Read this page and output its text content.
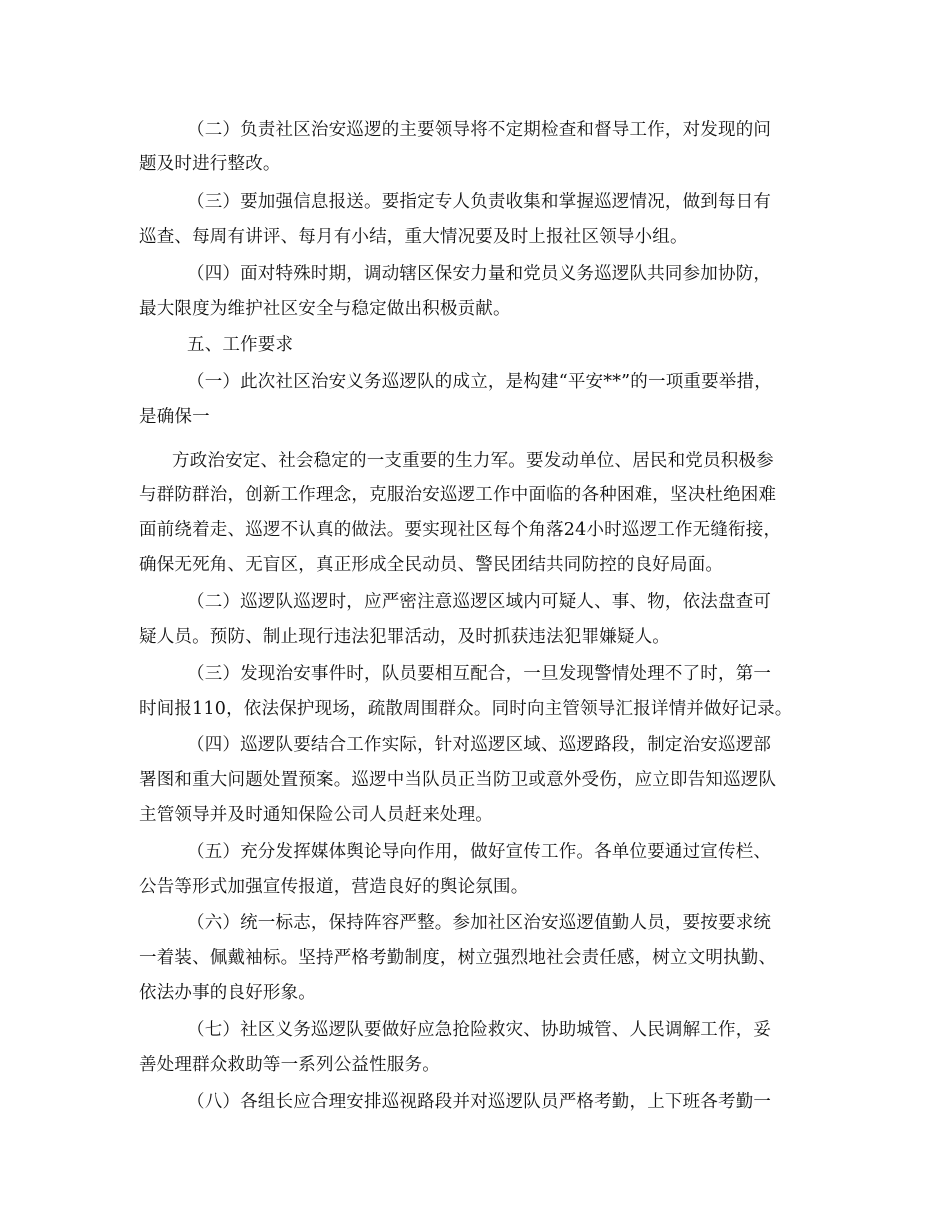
（二）负责社区治安巡逻的主要领导将不定期检查和督导工作，对发现的问
题及时进行整改。
（三）要加强信息报送。要指定专人负责收集和掌握巡逻情况，做到每日有
巡查、每周有讲评、每月有小结，重大情况要及时上报社区领导小组。
（四）面对特殊时期，调动辖区保安力量和党员义务巡逻队共同参加协防，
最大限度为维护社区安全与稳定做出积极贡献。
五、工作要求
（一）此次社区治安义务巡逻队的成立，是构建“平安**”的一项重要举措，
是确保一
方政治安定、社会稳定的一支重要的生力军。要发动单位、居民和党员积极参
与群防群治，创新工作理念，克服治安巡逻工作中面临的各种困难，坚决杜绝困难
面前绕着走、巡逻不认真的做法。要实现社区每个角落24小时巡逻工作无缝衔接，
确保无死角、无盲区，真正形成全民动员、警民团结共同防控的良好局面。
（二）巡逻队巡逻时，应严密注意巡逻区域内可疑人、事、物，依法盘查可
疑人员。预防、制止现行违法犯罪活动，及时抓获违法犯罪嫌疑人。
（三）发现治安事件时，队员要相互配合，一旦发现警情处理不了时，第一
时间报110，依法保护现场，疏散周围群众。同时向主管领导汇报详情并做好记录。
（四）巡逻队要结合工作实际，针对巡逻区域、巡逻路段，制定治安巡逻部
署图和重大问题处置预案。巡逻中当队员正当防卫或意外受伤，应立即告知巡逻队
主管领导并及时通知保险公司人员赶来处理。
（五）充分发挥媒体舆论导向作用，做好宣传工作。各单位要通过宣传栏、
公告等形式加强宣传报道，营造良好的舆论氛围。
（六）统一标志，保持阵容严整。参加社区治安巡逻值勤人员，要按要求统
一着装、佩戴袖标。坚持严格考勤制度，树立强烈地社会责任感，树立文明执勤、
依法办事的良好形象。
（七）社区义务巡逻队要做好应急抢险救灾、协助城管、人民调解工作，妥
善处理群众救助等一系列公益性服务。
（八）各组长应合理安排巡视路段并对巡逻队员严格考勤，上下班各考勤一
